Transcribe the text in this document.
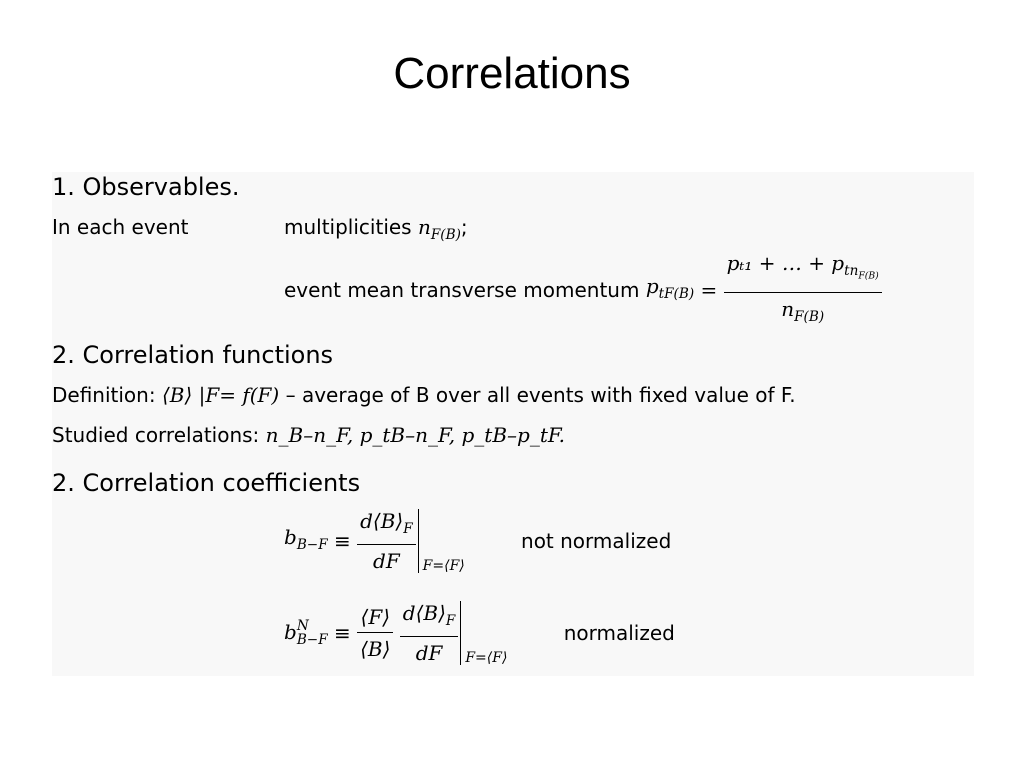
Correlations
1. Observables.
In each event	multiplicities $n_{F(B)}$;
event mean transverse momentum $p_{tF(B)} = \frac{p_{t1} + \dots + p_{tn_{F(B)}}}{n_{F(B)}}$
2. Correlation functions
Definition: ⟨B⟩ |F= f(F) – average of B over all events with fixed value of F.
Studied correlations: n_B–n_F, p_tB–n_F, p_tB–p_tF.
2. Correlation coefficients
$b_{B-F} \equiv \frac{d⟨B⟩_F}{dF}$ F=⟨F⟩
not normalized
b N
$B-F \equiv \frac{⟨F⟩}{⟨B⟩}$
$\frac{d⟨B⟩_F}{dF}$ F=⟨F⟩
normalized
